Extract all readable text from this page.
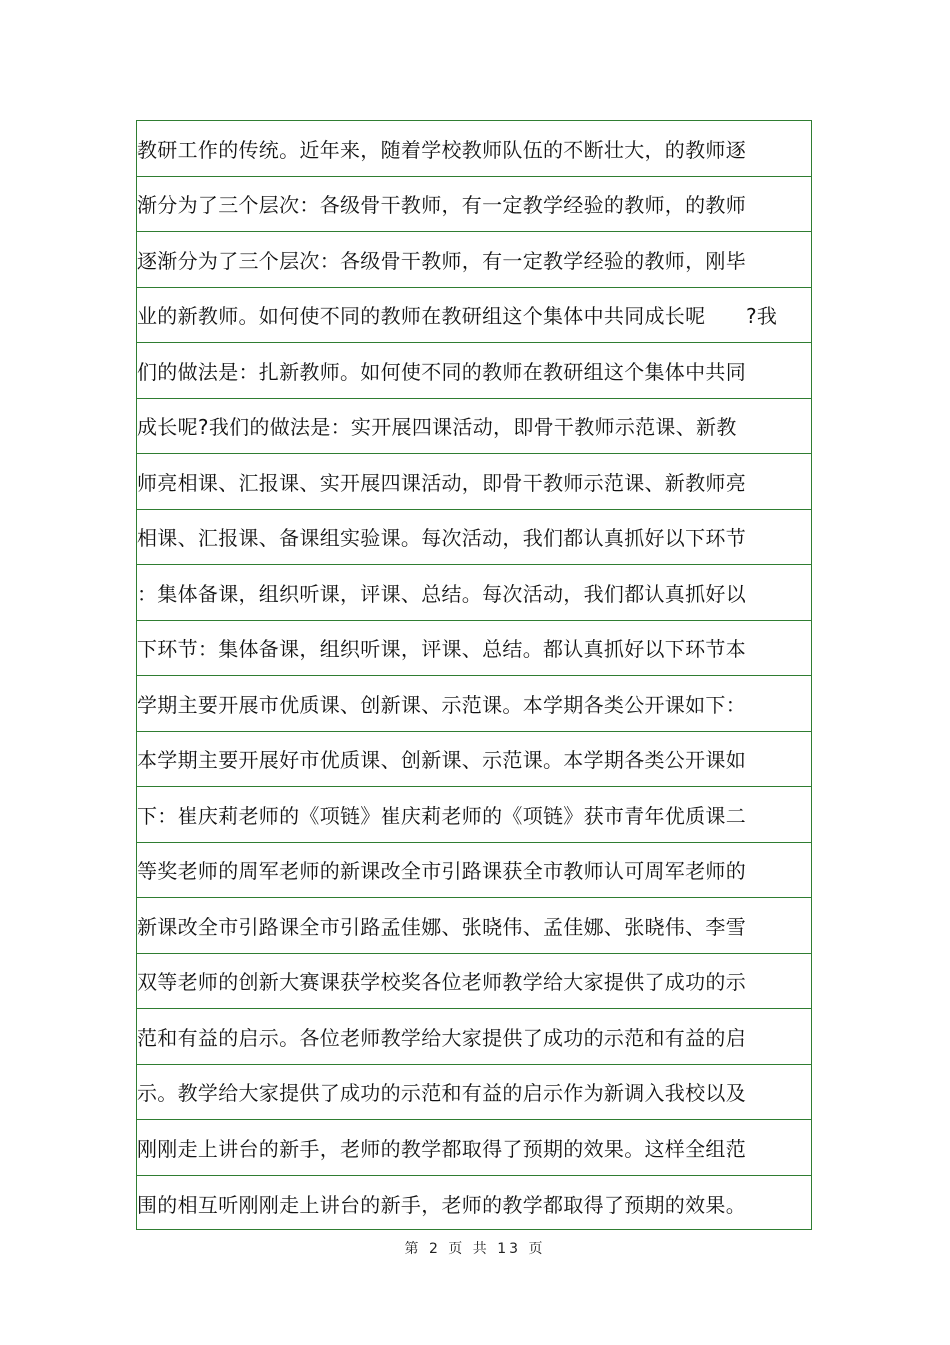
教研工作的传统。近年来，随着学校教师队伍的不断壮大，的教师逐
渐分为了三个层次：各级骨干教师，有一定教学经验的教师，的教师
逐渐分为了三个层次：各级骨干教师，有一定教学经验的教师，刚毕
业的新教师。如何使不同的教师在教研组这个集体中共同成长呢　　?我
们的做法是：扎新教师。如何使不同的教师在教研组这个集体中共同
成长呢?我们的做法是：实开展四课活动，即骨干教师示范课、新教
师亮相课、汇报课、实开展四课活动，即骨干教师示范课、新教师亮
相课、汇报课、备课组实验课。每次活动，我们都认真抓好以下环节
：集体备课，组织听课，评课、总结。每次活动，我们都认真抓好以
下环节：集体备课，组织听课，评课、总结。都认真抓好以下环节本
学期主要开展市优质课、创新课、示范课。本学期各类公开课如下：
本学期主要开展好市优质课、创新课、示范课。本学期各类公开课如
下：崔庆莉老师的《项链》崔庆莉老师的《项链》获市青年优质课二
等奖老师的周军老师的新课改全市引路课获全市教师认可周军老师的
新课改全市引路课全市引路孟佳娜、张晓伟、孟佳娜、张晓伟、李雪
双等老师的创新大赛课获学校奖各位老师教学给大家提供了成功的示
范和有益的启示。各位老师教学给大家提供了成功的示范和有益的启
示。教学给大家提供了成功的示范和有益的启示作为新调入我校以及
刚刚走上讲台的新手，老师的教学都取得了预期的效果。这样全组范
围的相互听刚刚走上讲台的新手，老师的教学都取得了预期的效果。
第 2 页 共 13 页
